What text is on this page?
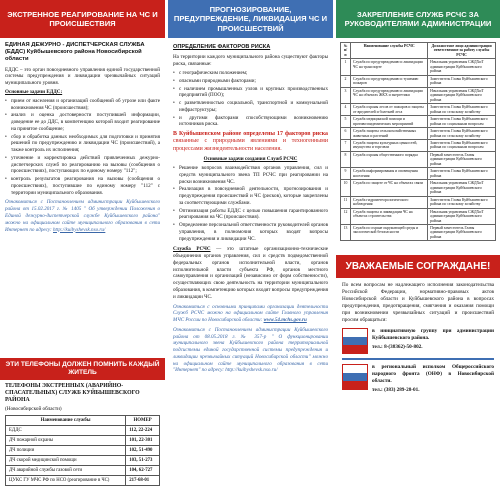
ЭКСТРЕННОЕ РЕАГИРОВАНИЕ НА ЧС И ПРОИСШЕСТВИЯ
ЕДИНАЯ ДЕЖУРНО - ДИСПЕТЧЕРСКАЯ СЛУЖБА (ЕДДС) Куйбышевского района Новосибирской области

ЕДДС – это орган повседневного управления единой государственной системы предупреждения и ликвидации чрезвычайных ситуаций муниципального уровня.

Основные задачи ЕДДС:
• прием от населения и организаций сообщений об угрозе или факте возникновения ЧС (происшествия);
• анализ и оценка достоверности поступившей информации, доведение ее до ДДС, в компетенцию которой входит реагирование на принятое сообщение;
• сбор и обработка данных необходимых для подготовки и принятия решений по предупреждению и ликвидации ЧС (происшествий), а также контроль их исполнения;
• уточнение и корректировка действий привлеченных дежурно-диспетчерских служб по реагированию на вызовы (сообщения о происшествиях), поступающих по единому номеру "112";
• контроль результатов реагирования на вызовы (сообщения о происшествиях), поступившие по единому номеру "112" с территории муниципального образования.

Ознакомиться с Постановлением администрации Куйбышевского района от 15.02.2017 г. № 1405 " Об утверждении Положения о Единой дежурно-диспетчерской службе Куйбышевского района" можно на официальном сайте муниципального образования в сети Интернет по адресу: http://kuibyshevsk.nso.ru/

ЭТИ ТЕЛЕФОНЫ ДОЛЖЕН ПОМНИТЬ КАЖДЫЙ ЖИТЕЛЬ
ТЕЛЕФОНЫ ЭКСТРЕННЫХ (АВАРИЙНО-СПАСАТЕЛЬНЫХ) СЛУЖБ КУЙБЫШЕВСКОГО РАЙОНА
(Новосибирской области)
Наименование службы	НОМЕР
ЕДДС	112, 22-224
ДЧ пожарной охраны	101, 22-301
ДЧ полиции	102, 51-490
ДЧ скорой медицинской помощи	103, 51-273
ДЧ аварийной службы газовой сети	104, 62-727
ЦУКС ГУ МЧС РФ по НСО (реагирование в ЧС)	217-68-01
ПРОГНОЗИРОВАНИЕ, ПРЕДУПРЕЖДЕНИЕ, ЛИКВИДАЦИЯ ЧС И ПРОИСШЕСТВИЙ
ОПРЕДЕЛЕНИЕ ФАКТОРОВ РИСКА

На территории каждого муниципального района существуют факторы риска, связанные:

• с географическим положением;
• опасными природными факторами;
• с наличием промышленных узлов и крупных производственных предприятий (ПОО);
• с разветвленностью социальной, транспортной и коммунальной инфраструктуры;
• и другими факторами способствующими возникновению источников риска.

В Куйбышевском районе определены 17 факторов риска связанные с природными явлениями и техногенными процессами жизнедеятельности населения.

Основные задачи создания Служб РСЧС
• Решение вопросов взаимодействия органов управления, сил и средств муниципального звена ТП РСЧС при реагировании на риски возникновения ЧС.
• Реализация в повседневной деятельности, прогнозирования и предупреждения происшествий и ЧС (рисков), которые закреплены за соответствующими службами.
• Оптимизация работы ЕДДС с целью повышения гарантированного реагирования на ЧС (происшествия).
• Определение персональной ответственности руководителей органов управления, в полномочия которых входят вопросы предупреждения и ликвидации ЧС.

Служба РСЧС — это штатные организационно-технические объединения органов управления, сил и средств подведомственной федеральных органов исполнительной власти, органов исполнительной власти субъекта РФ, органов местного самоуправления и организаций (независимо от форм собственности), осуществляющих свою деятельность на территории муниципального образования, в компетенцию которых входят вопросы предупреждения и ликвидации ЧС.

Ознакомиться с основными принципами организации деятельности Служб РСЧС можно на официальном сайте Главного управления МЧС России по Новосибирской области: www.54.mchs.gov.ru

Ознакомиться с Постановлением администрации Куйбышевского района от 08.05.2018 г. № 357-р " О функционировании муниципального звена Куйбышевского района территориальной подсистемы единой государственной системы предупреждения и ликвидации чрезвычайных ситуаций Новосибирской области" можно на официальном сайте муниципального образования в сети "Интернет" по адресу: http://kuibyshevsk.nso.ru/

ЗАКРЕПЛЕНИЕ СЛУЖБ РСЧС ЗА РУКОВОДИТЕЛЯМИ АДМИНИСТРАЦИИ
№ п/п	Наименование службы РСЧС	Должностное лицо администрации ответственное за работу службы РСЧС
1	Служба по предупреждению и ликвидации ЧС на транспорте	Начальник управления СЖДХиТ администрации Куйбышевского района
2	Служба по предупреждению и тушению пожаров	Заместитель Главы Куйбышевского района
3	Служба по предупреждению и ликвидации ЧС на объектах ЖКХ и энергетики	Начальник управления СЖДХиТ администрации Куйбышевского района
4	Служба охраны лесов от пожаров и защиты от вредителей и болезней леса	Заместитель Главы Куйбышевского района по сельскому хозяйству
5	Служба медицинской помощи и противоэпидемических мероприятий	Заместитель Главы Куйбышевского района по социальным вопросам
6	Служба защиты сельскохозяйственных животных и растений	Заместитель Главы Куйбышевского района по сельскому хозяйству
7	Служба защиты культурных ценностей, имущества и торговли	Заместитель Главы Куйбышевского района по социальным вопросам
8	Служба охраны общественного порядка	Первый заместитель Главы администрации Куйбышевского района
9	Служба информирования и оповещения населения	Заместитель Главы Куйбышевского района
10	Служба по защите от ЧС на объектах связи	Начальник управления СЖДХиТ администрации Куйбышевского района
11	Служба гидрометеорологического наблюдения	Заместитель Главы Куйбышевского района по сельскому хозяйству
12	Служба защиты и ликвидации ЧС на объектах строительства	Начальник управления СЖДХиТ администрации Куйбышевского района
13	Служба по охране окружающей среды и экологической безопасности	Первый заместитель Главы администрации Куйбышевского района
УВАЖАЕМЫЕ СОГРАЖДАНЕ!

По всем вопросам не надлежащего исполнения законодательства Российской Федерации, нормативно-правовых актов Новосибирской области и Куйбышевского района в вопросах предупреждения, предотвращения, смягчения и оказания помощи при возникновении чрезвычайных ситуаций и происшествий просим обращаться:

в инициативную группу при администрации Куйбышевского района.

тел.: 8-(38362)-50-802.

в региональный исполком Общероссийского народного фронта (ОНФ) в Новосибирской области.

тел.: (383) 289-28-01.
